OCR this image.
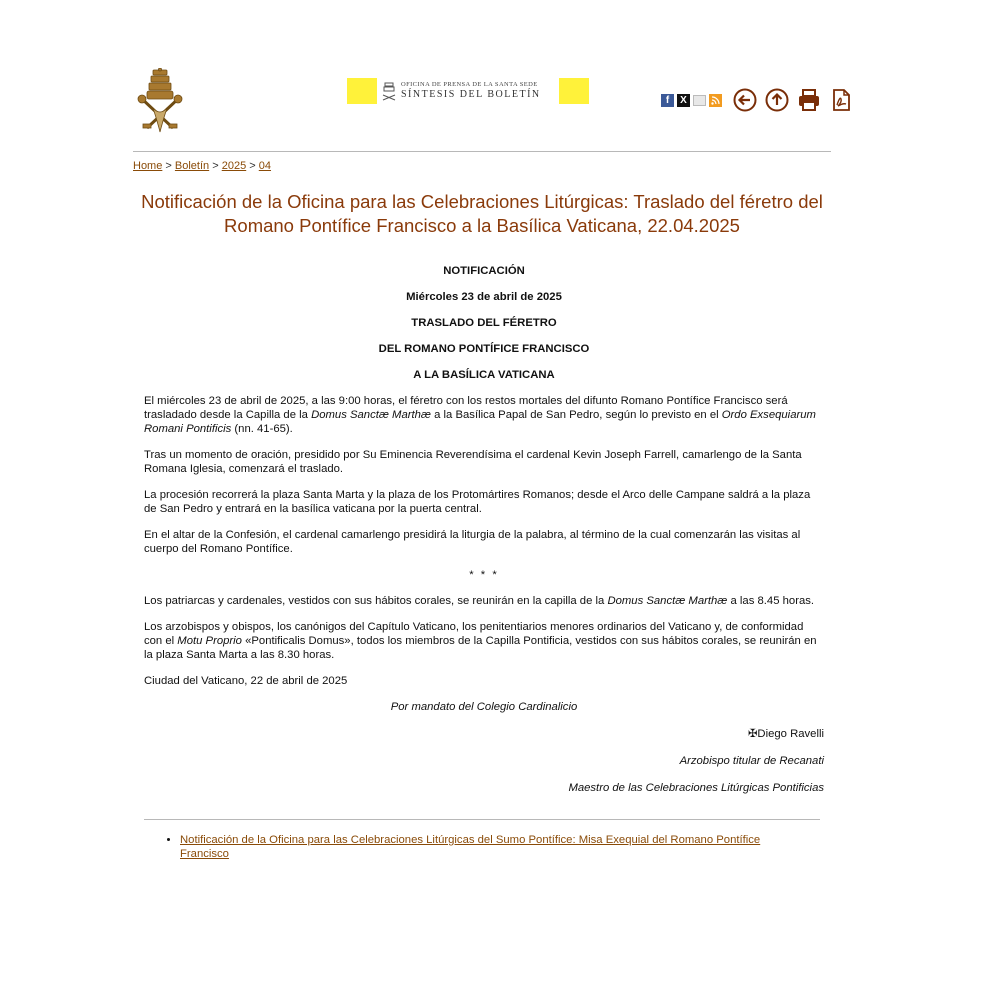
OFICINA DE PRENSA DE LA SANTA SEDE
SÍNTESIS DEL BOLETÍN	f	X
Home > Boletín > 2025 > 04
Notificación de la Oficina para las Celebraciones Litúrgicas: Traslado del féretro del Romano Pontífice Francisco a la Basílica Vaticana, 22.04.2025
NOTIFICACIÓN
Miércoles 23 de abril de 2025
TRASLADO DEL FÉRETRO
DEL ROMANO PONTÍFICE FRANCISCO
A LA BASÍLICA VATICANA

El miércoles 23 de abril de 2025, a las 9:00 horas, el féretro con los restos mortales del difunto Romano Pontífice Francisco será trasladado desde la Capilla de la Domus Sanctæ Marthæ a la Basílica Papal de San Pedro, según lo previsto en el Ordo Exsequiarum Romani Pontificis (nn. 41-65).

Tras un momento de oración, presidido por Su Eminencia Reverendísima el cardenal Kevin Joseph Farrell, camarlengo de la Santa Romana Iglesia, comenzará el traslado.

La procesión recorrerá la plaza Santa Marta y la plaza de los Protomártires Romanos; desde el Arco delle Campane saldrá a la plaza de San Pedro y entrará en la basílica vaticana por la puerta central.

En el altar de la Confesión, el cardenal camarlengo presidirá la liturgia de la palabra, al término de la cual comenzarán las visitas al cuerpo del Romano Pontífice.

* * *

Los patriarcas y cardenales, vestidos con sus hábitos corales, se reunirán en la capilla de la Domus Sanctæ Marthæ a las 8.45 horas.

Los arzobispos y obispos, los canónigos del Capítulo Vaticano, los penitentiarios menores ordinarios del Vaticano y, de conformidad con el Motu Proprio «Pontificalis Domus», todos los miembros de la Capilla Pontificia, vestidos con sus hábitos corales, se reunirán en la plaza Santa Marta a las 8.30 horas.

Ciudad del Vaticano, 22 de abril de 2025

Por mandato del Colegio Cardinalicio
✠Diego Ravelli
Arzobispo titular de Recanati
Maestro de las Celebraciones Litúrgicas Pontificias
• Notificación de la Oficina para las Celebraciones Litúrgicas del Sumo Pontífice: Misa Exequial del Romano Pontífice Francisco
